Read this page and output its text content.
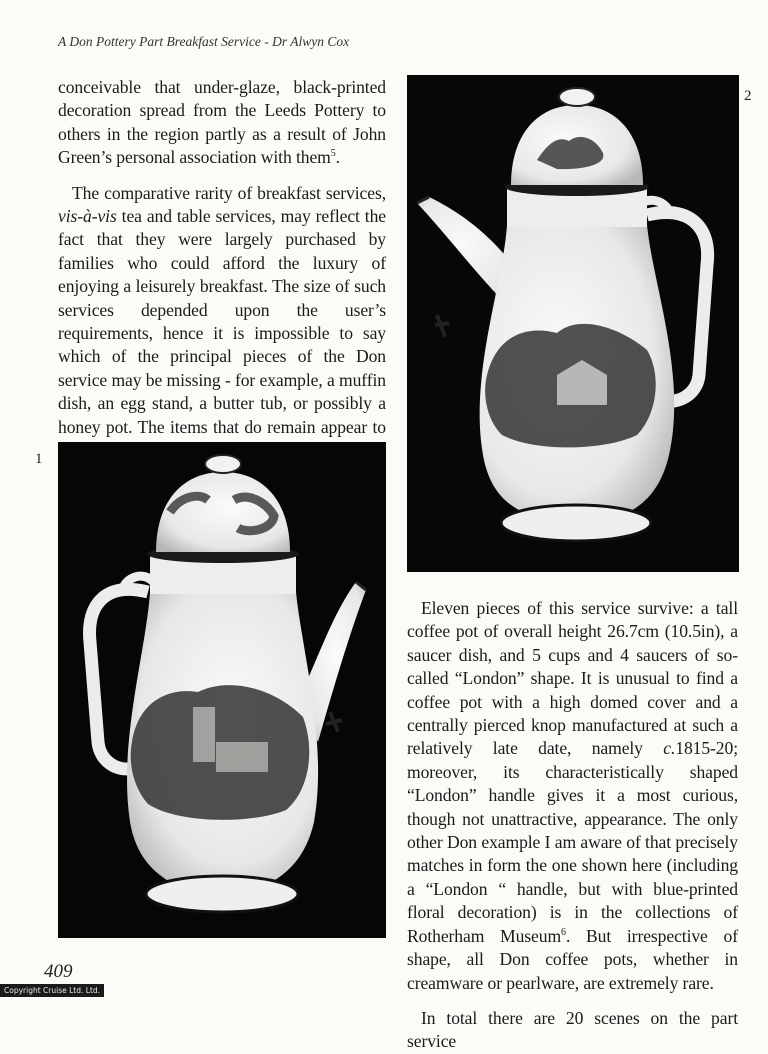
A Don Pottery Part Breakfast Service - Dr Alwyn Cox
2
1

conceivable that under-glaze, black-printed decoration spread from the Leeds Pottery to others in the region partly as a result of John Green’s personal association with them$^5$.

The comparative rarity of breakfast services, vis-à-vis tea and table services, may reflect the fact that they were largely purchased by families who could afford the luxury of enjoying a leisurely breakfast. The size of such services depended upon the user’s requirements, hence it is impossible to say which of the principal pieces of the Don service may be missing - for example, a muffin dish, an egg stand, a butter tub, or possibly a honey pot. The items that do remain appear to

Eleven pieces of this service survive: a tall coffee pot of overall height 26.7cm (10.5in), a saucer dish, and 5 cups and 4 saucers of so-called “London” shape. It is unusual to find a coffee pot with a high domed cover and a centrally pierced knop manufactured at such a relatively late date, namely c.1815-20; moreover, its characteristically shaped “London” handle gives it a most curious, though not unattractive, appearance. The only other Don example I am aware of that precisely matches in form the one shown here (including a “London “ handle, but with blue-printed floral decoration) is in the collections of Rotherham Museum$^6$. But irrespective of shape, all Don coffee pots, whether in creamware or pearlware, are extremely rare.

In total there are 20 scenes on the part service

409
Copyright Cruise Ltd. Ltd.
